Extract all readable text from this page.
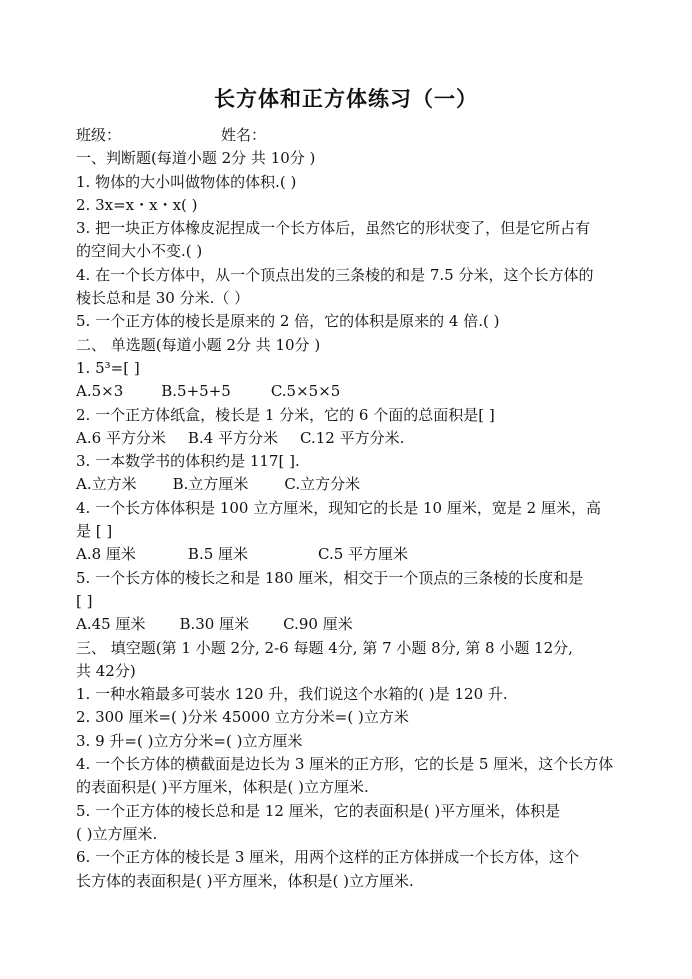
长方体和正方体练习（一）
班级：	姓名：
一、判断题(每道小题 2分 共 10分 )
1. 物体的大小叫做物体的体积.( )
2. 3x=x・x・x( )
3. 把一块正方体橡皮泥捏成一个长方体后，虽然它的形状变了，但是它所占有
的空间大小不变.( )
4. 在一个长方体中，从一个顶点出发的三条棱的和是 7.5 分米，这个长方体的
棱长总和是 30 分米.（ ）
5. 一个正方体的棱长是原来的 2 倍，它的体积是原来的 4 倍.( )
二、 单选题(每道小题 2分 共 10分 )
1. 5³=[ ]
A.5×3	B.5+5+5	C.5×5×5
2. 一个正方体纸盒，棱长是 1 分米，它的 6 个面的总面积是[ ]
A.6 平方分米 B.4 平方分米 C.12 平方分米.
3. 一本数学书的体积约是 117[ ].
A.立方米 B.立方厘米 C.立方分米
4. 一个长方体体积是 100 立方厘米，现知它的长是 10 厘米，宽是 2 厘米，高
是 [ ]
A.8 厘米	B.5 厘米	C.5 平方厘米
5. 一个长方体的棱长之和是 180 厘米，相交于一个顶点的三条棱的长度和是
[ ]
A.45 厘米 B.30 厘米 C.90 厘米
三、 填空题(第 1 小题 2分, 2-6 每题 4分, 第 7 小题 8分, 第 8 小题 12分,
共 42分)
1. 一种水箱最多可装水 120 升，我们说这个水箱的( )是 120 升.
2. 300 厘米=( )分米 45000 立方分米=( )立方米
3. 9 升=( )立方分米=( )立方厘米
4. 一个长方体的横截面是边长为 3 厘米的正方形，它的长是 5 厘米，这个长方体
的表面积是( )平方厘米，体积是( )立方厘米.
5. 一个正方体的棱长总和是 12 厘米，它的表面积是( )平方厘米，体积是
( )立方厘米.
6. 一个正方体的棱长是 3 厘米，用两个这样的正方体拼成一个长方体，这个
长方体的表面积是( )平方厘米，体积是( )立方厘米.
